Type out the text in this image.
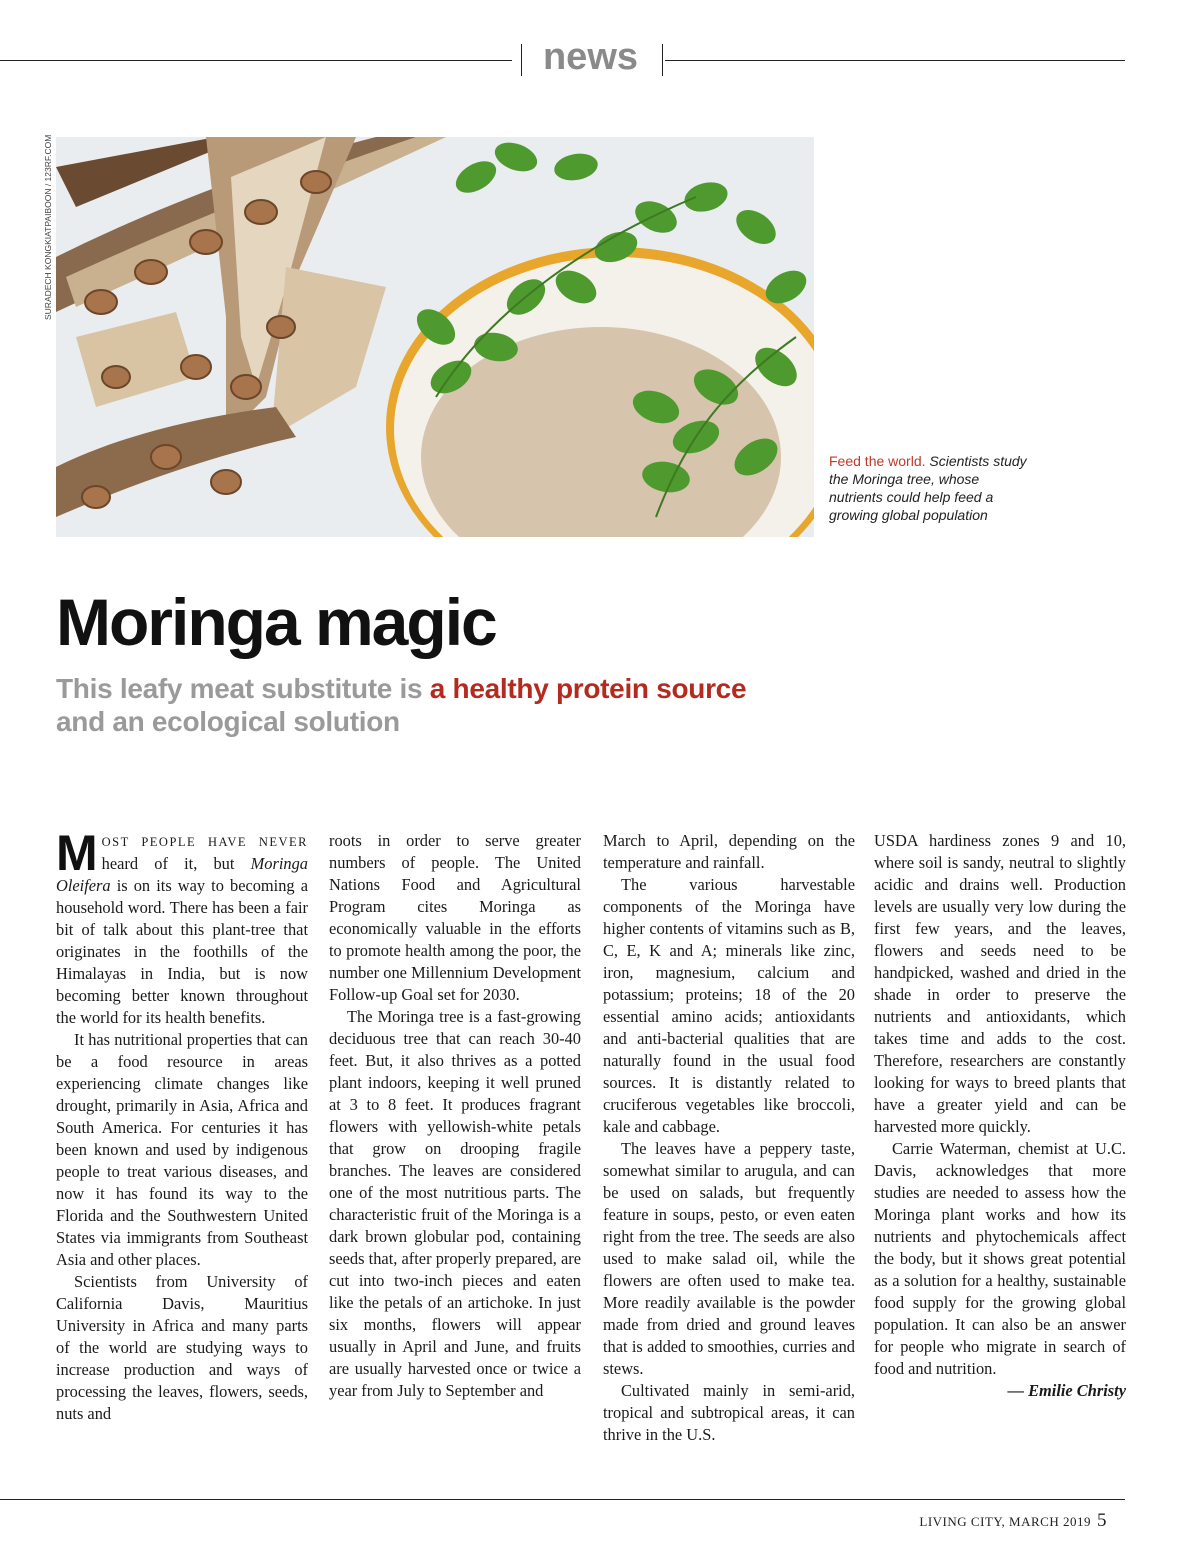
news
SURADECH KONGKIATPAIBOON / 123RF.COM
Feed the world. Scientists study the Moringa tree, whose nutrients could help feed a growing global population
Moringa magic

This leafy meat substitute is a healthy protein source and an ecological solution

MOST PEOPLE HAVE NEVER heard of it, but Moringa Oleifera is on its way to becoming a household word. There has been a fair bit of talk about this plant-tree that originates in the foothills of the Himalayas in India, but is now becoming better known throughout the world for its health benefits.

It has nutritional properties that can be a food resource in areas experiencing climate changes like drought, primarily in Asia, Africa and South America. For centuries it has been known and used by indigenous people to treat various diseases, and now it has found its way to the Florida and the Southwestern United States via immigrants from Southeast Asia and other places.

Scientists from University of California Davis, Mauritius University in Africa and many parts of the world are studying ways to increase production and ways of processing the leaves, flowers, seeds, nuts and

roots in order to serve greater numbers of people. The United Nations Food and Agricultural Program cites Moringa as economically valuable in the efforts to promote health among the poor, the number one Millennium Development Follow-up Goal set for 2030.

The Moringa tree is a fast-growing deciduous tree that can reach 30-40 feet. But, it also thrives as a potted plant indoors, keeping it well pruned at 3 to 8 feet. It produces fragrant flowers with yellowish-white petals that grow on drooping fragile branches. The leaves are considered one of the most nutritious parts. The characteristic fruit of the Moringa is a dark brown globular pod, containing seeds that, after properly prepared, are cut into two-inch pieces and eaten like the petals of an artichoke. In just six months, flowers will appear usually in April and June, and fruits are usually harvested once or twice a year from July to September and

March to April, depending on the temperature and rainfall.

The various harvestable components of the Moringa have higher contents of vitamins such as B, C, E, K and A; minerals like zinc, iron, magnesium, calcium and potassium; proteins; 18 of the 20 essential amino acids; antioxidants and anti-bacterial qualities that are naturally found in the usual food sources. It is distantly related to cruciferous vegetables like broccoli, kale and cabbage.

The leaves have a peppery taste, somewhat similar to arugula, and can be used on salads, but frequently feature in soups, pesto, or even eaten right from the tree. The seeds are also used to make salad oil, while the flowers are often used to make tea. More readily available is the powder made from dried and ground leaves that is added to smoothies, curries and stews.

Cultivated mainly in semi-arid, tropical and subtropical areas, it can thrive in the U.S.

USDA hardiness zones 9 and 10, where soil is sandy, neutral to slightly acidic and drains well. Production levels are usually very low during the first few years, and the leaves, flowers and seeds need to be handpicked, washed and dried in the shade in order to preserve the nutrients and antioxidants, which takes time and adds to the cost. Therefore, researchers are constantly looking for ways to breed plants that have a greater yield and can be harvested more quickly.

Carrie Waterman, chemist at U.C. Davis, acknowledges that more studies are needed to assess how the Moringa plant works and how its nutrients and phytochemicals affect the body, but it shows great potential as a solution for a healthy, sustainable food supply for the growing global population. It can also be an answer for people who migrate in search of food and nutrition.

— Emilie Christy

LIVING CITY, MARCH 2019 5
